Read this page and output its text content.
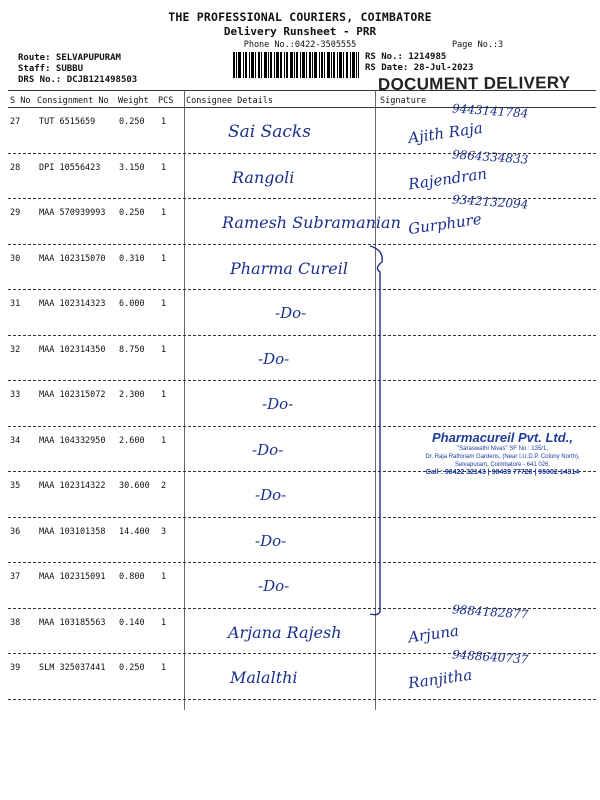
THE PROFESSIONAL COURIERS, COIMBATORE
Delivery Runsheet - PRR
Phone No.:0422-3505555	Page No.:3
Route: SELVAPUPURAM
Staff: SUBBU
DRS No.: DCJB121498503
RS No.: 1214985
RS Date: 28-Jul-2023
DOCUMENT DELIVERY
S No Consignment No Weight PCS Consignee Details	Signature
27 TUT 6515659	0.250 1	Sai Sacks
9443141784
Ajith Raja
28 DPI 10556423 3.150 1	Rangoli
9864334833
Rajendran
29 MAA 570939993 0.250 1	Ramesh Subramanian
9342132094
Gurphure
30 MAA 102315070 0.310 1	Pharma Cureil
31 MAA 102314323 6.000 1	-Do-
32 MAA 102314350 8.750 1	-Do-
33 MAA 102315072 2.300 1	-Do-
34 MAA 104332950 2.600 1	-Do-
35 MAA 102314322 30.600 2	-Do-
36 MAA 103101358 14.400 3	-Do-
37 MAA 102315091 0.800 1	-Do-
38 MAA 103185563 0.140 1	Arjana Rajesh
9884182877
Arjuna
39 SLM 325037441 0.250 1	Malalthi
9488640737
Ranjitha
Pharmacureil Pvt. Ltd.,
"Saraswathi Nivas" SF No : 135/1,
Dr. Raja Rathinam Gardens, (Near I.U.D.P. Colony North),
Selvapuram, Coimbatore - 641 026.
Call : 98422 32143 | 98439 77728 | 95002 14314
